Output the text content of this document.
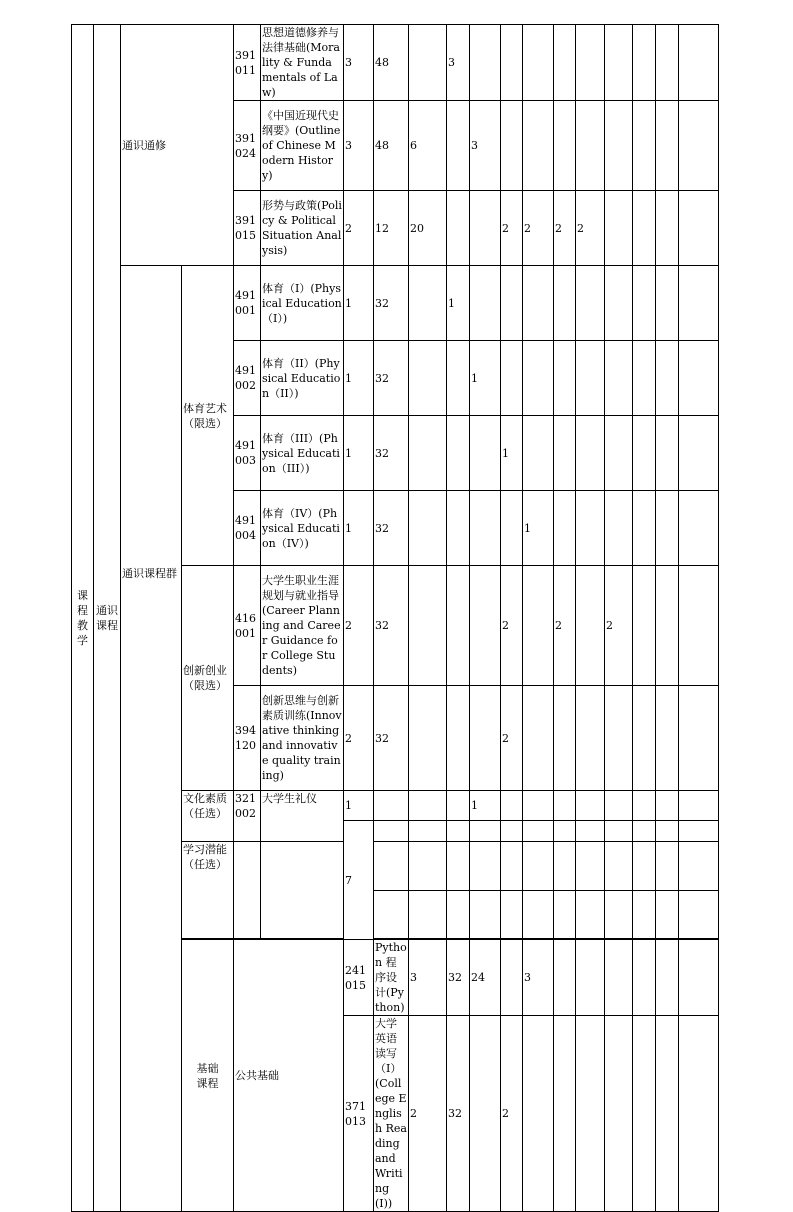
课程教学	通识课程	通识通修		391011	思想道德修养与法律基础(Morality & Fundamentals of Law)	3	48		3										
				391024	《中国近现代史纲要》(Outline of Chinese Modern History)	3	48	6		3									
				391015	形势与政策(Policy & Political Situation Analysis)	2	12	20			2	2	2	2					

		通识课程群	体育艺术（限选）	491001	体育（I）(Physical Education（I）)	1	32		1										
				491002	体育（II）(Physical Education（II）)	1	32			1									
				491003	体育（III）(Physical Education（III）)	1	32				1								
				491004	体育（IV）(Physical Education（IV）)	1	32					1							
			创新创业（限选）	416001	大学生职业生涯规划与就业指导(Career Planning and Career Guidance for College Students)	2	32				2		2		2				
				394120	创新思维与创新素质训练(Innovative thinking and innovative quality training)	2	32				2								
			文化素质（任选）	321002	大学生礼仪	1				1									
						7													
			学习潜能（任选）																

			基础课程	公共基础		241015	Python 程序设计(Python)	3	32	24		3								
						371013	大学英语读写（I）(College English Reading and Writing (I))	2	32		2									
